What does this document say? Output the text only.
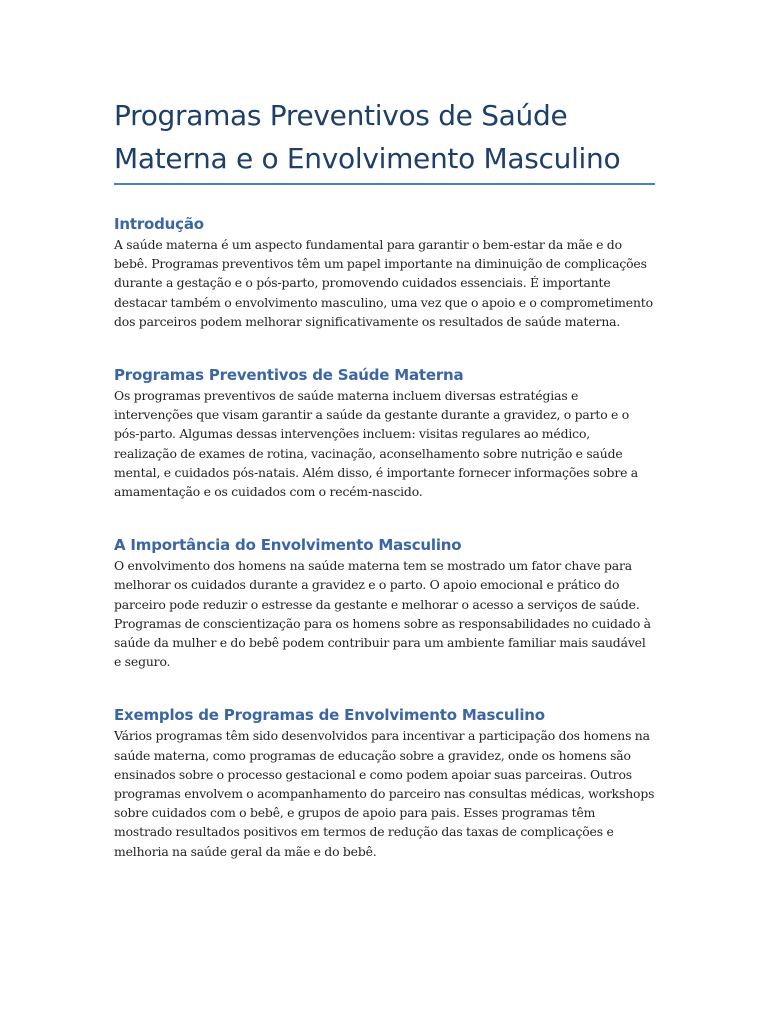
Programas Preventivos de Saúde Materna e o Envolvimento Masculino
Introdução

A saúde materna é um aspecto fundamental para garantir o bem-estar da mãe e do bebê. Programas preventivos têm um papel importante na diminuição de complicações durante a gestação e o pós-parto, promovendo cuidados essenciais. É importante destacar também o envolvimento masculino, uma vez que o apoio e o comprometimento dos parceiros podem melhorar significativamente os resultados de saúde materna.

Programas Preventivos de Saúde Materna

Os programas preventivos de saúde materna incluem diversas estratégias e intervenções que visam garantir a saúde da gestante durante a gravidez, o parto e o pós-parto. Algumas dessas intervenções incluem: visitas regulares ao médico, realização de exames de rotina, vacinação, aconselhamento sobre nutrição e saúde mental, e cuidados pós-natais. Além disso, é importante fornecer informações sobre a amamentação e os cuidados com o recém-nascido.

A Importância do Envolvimento Masculino

O envolvimento dos homens na saúde materna tem se mostrado um fator chave para melhorar os cuidados durante a gravidez e o parto. O apoio emocional e prático do parceiro pode reduzir o estresse da gestante e melhorar o acesso a serviços de saúde. Programas de conscientização para os homens sobre as responsabilidades no cuidado à saúde da mulher e do bebê podem contribuir para um ambiente familiar mais saudável e seguro.

Exemplos de Programas de Envolvimento Masculino

Vários programas têm sido desenvolvidos para incentivar a participação dos homens na saúde materna, como programas de educação sobre a gravidez, onde os homens são ensinados sobre o processo gestacional e como podem apoiar suas parceiras. Outros programas envolvem o acompanhamento do parceiro nas consultas médicas, workshops sobre cuidados com o bebê, e grupos de apoio para pais. Esses programas têm mostrado resultados positivos em termos de redução das taxas de complicações e melhoria na saúde geral da mãe e do bebê.
